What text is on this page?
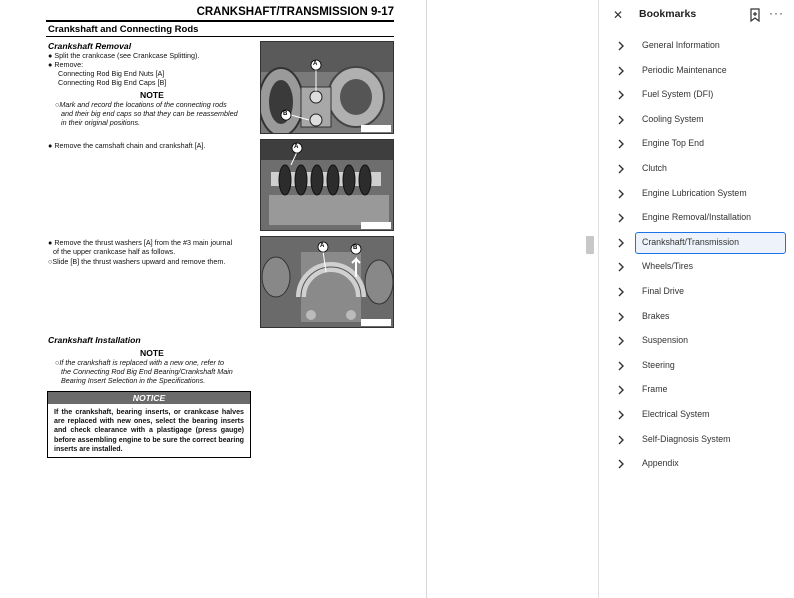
CRANKSHAFT/TRANSMISSION 9-17
Crankshaft and Connecting Rods
Crankshaft Removal
● Split the crankcase (see Crankcase Splitting).
● Remove:
Connecting Rod Big End Nuts [A]
Connecting Rod Big End Caps [B]
NOTE
○Mark and record the locations of the connecting rods
and their big end caps so that they can be reassembled
in their original positions.
● Remove the camshaft chain and crankshaft [A].
● Remove the thrust washers [A] from the #3 main journal
of the upper crankcase half as follows.
○Slide [B] the thrust washers upward and remove them.
A
B
A
A	B
Crankshaft Installation
NOTE
○If the crankshaft is replaced with a new one, refer to
the Connecting Rod Big End Bearing/Crankshaft Main
Bearing Insert Selection in the Specifications.
NOTICE
If the crankshaft, bearing inserts, or crankcase halves are replaced with new ones, select the bearing inserts and check clearance with a plastigage (press gauge) before assembling engine to be sure the correct bearing inserts are installed.
✕ Bookmarks	···
General Information
Periodic Maintenance
Fuel System (DFI)
Cooling System
Engine Top End
Clutch
Engine Lubrication System
Engine Removal/Installation
Crankshaft/Transmission
Wheels/Tires
Final Drive
Brakes
Suspension
Steering
Frame
Electrical System
Self-Diagnosis System
Appendix
